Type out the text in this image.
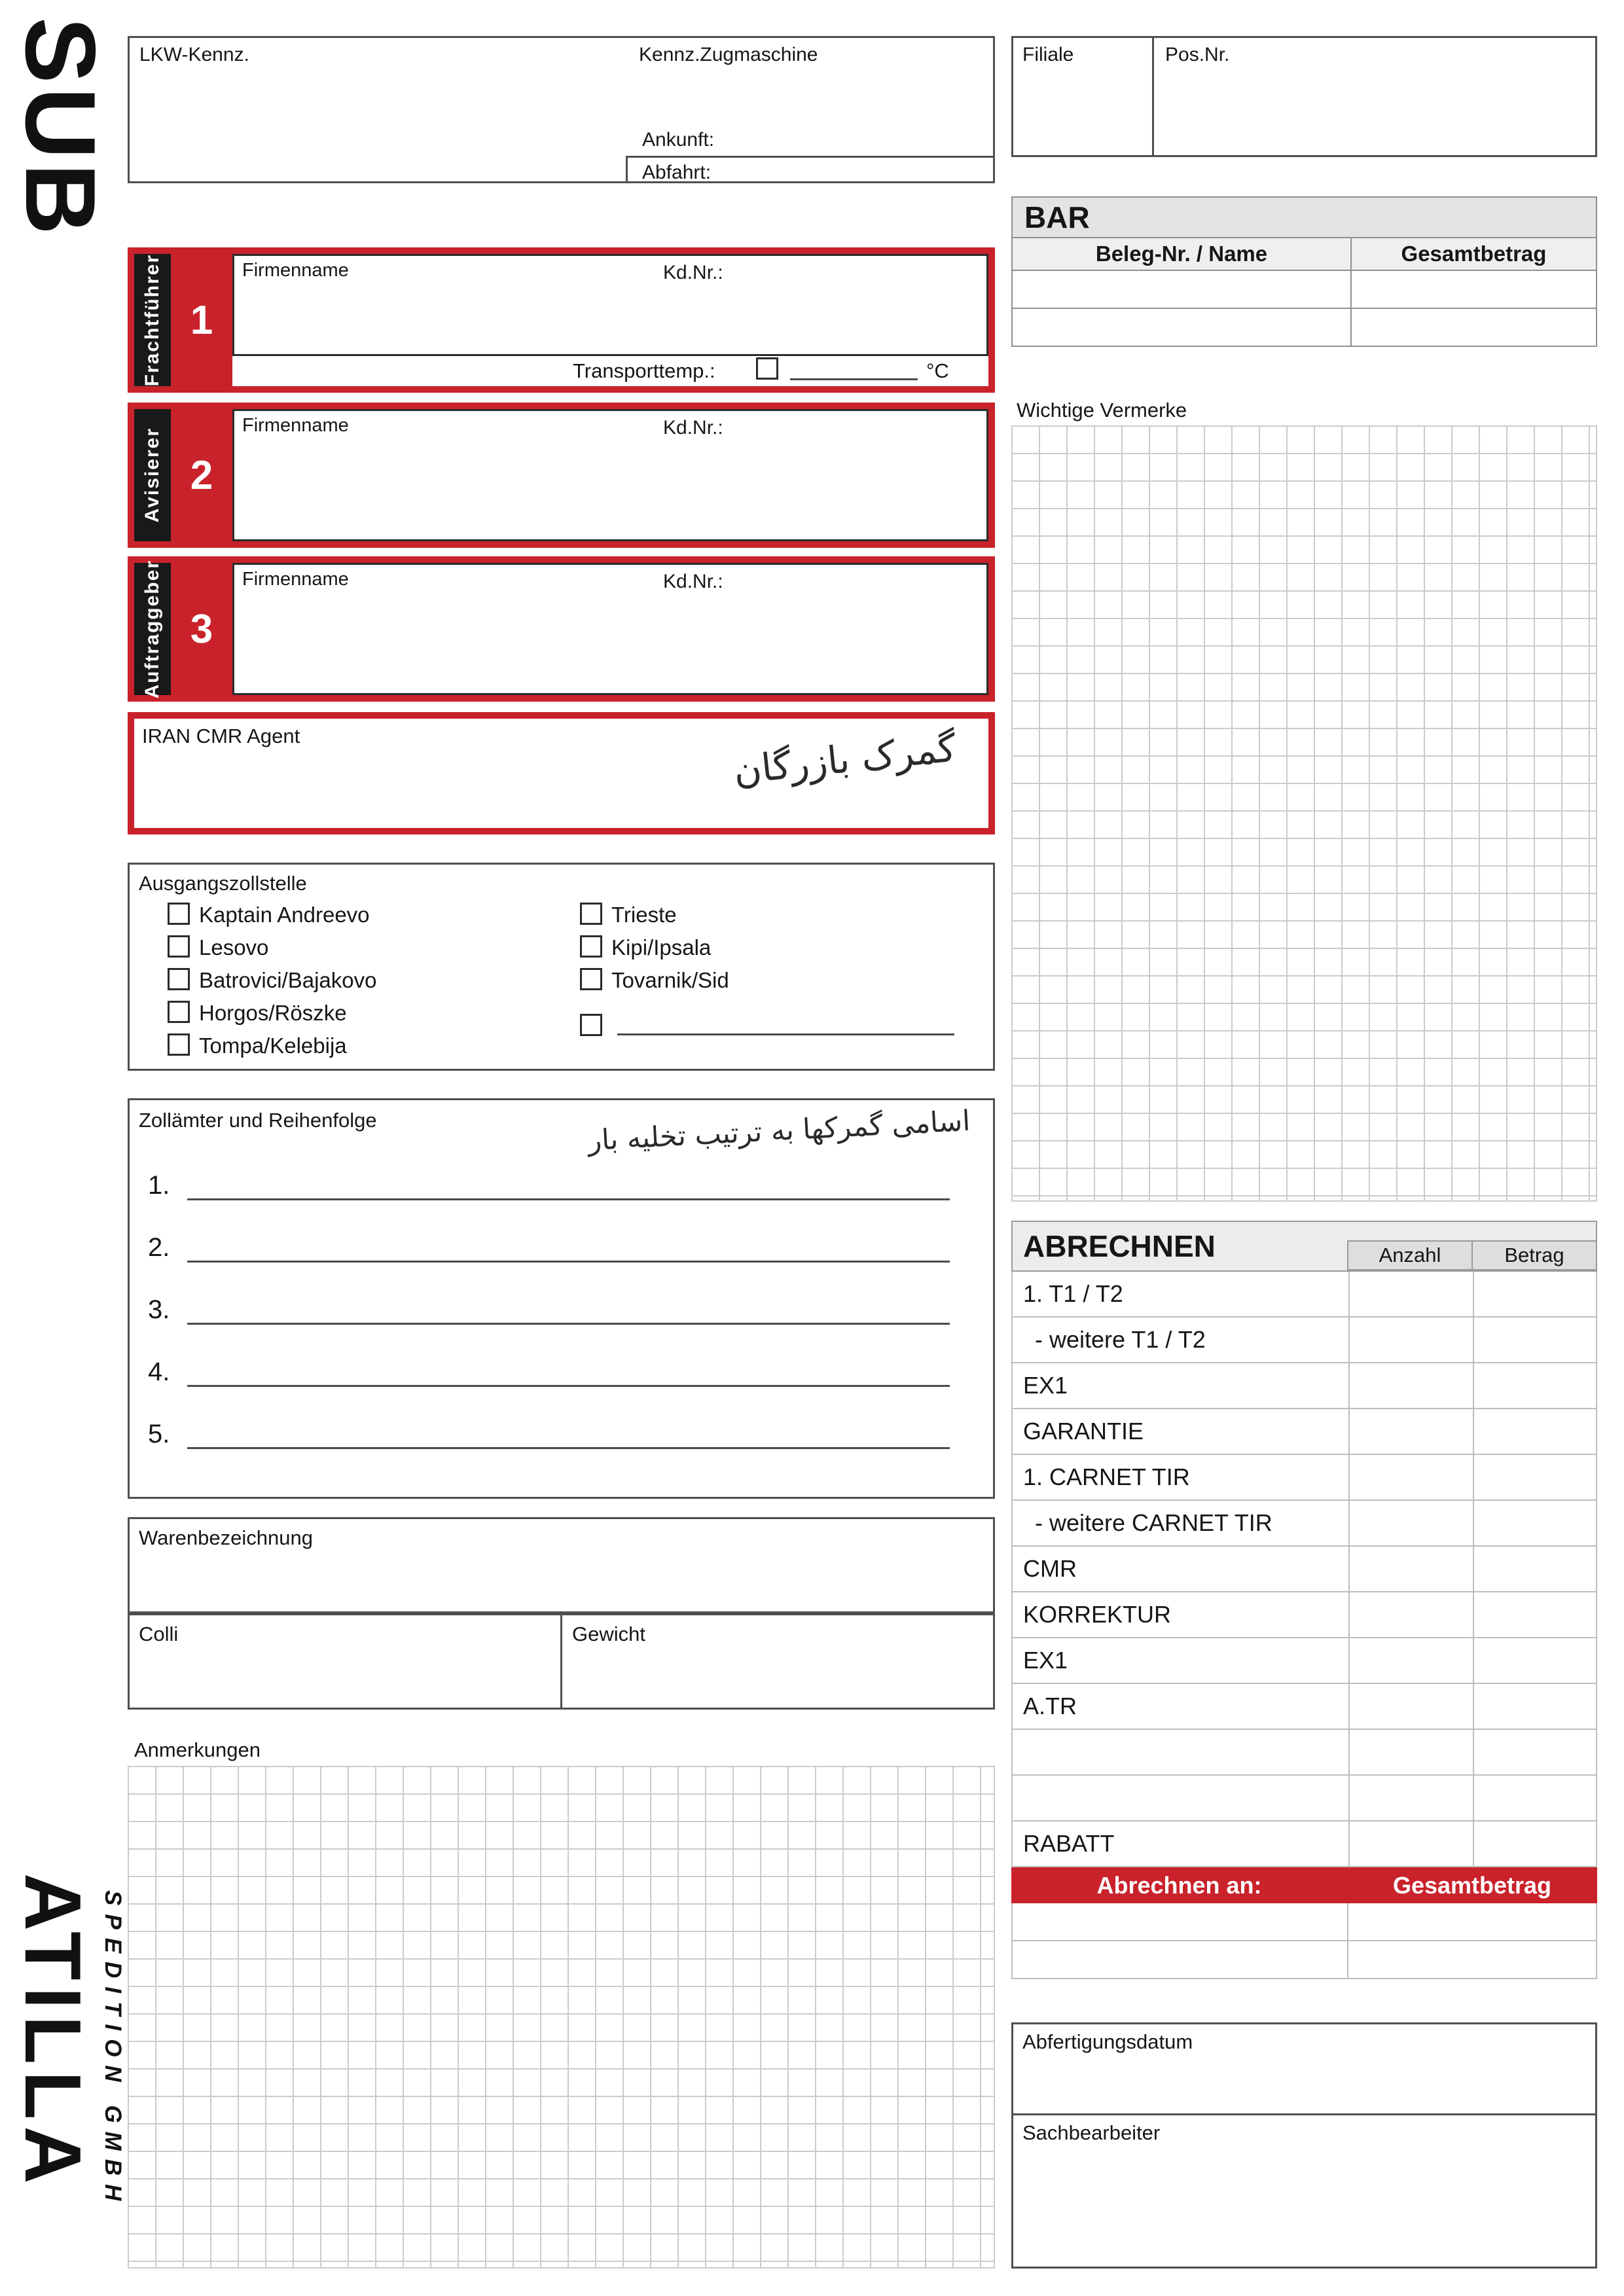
SUB
ATILLA SPEDITION GMBH
LKW-Kennz.	Kennz.Zugmaschine
Ankunft:
Abfahrt:
Filiale	Pos.Nr.
BAR
Beleg-Nr. / Name	Gesamtbetrag
Wichtige Vermerke
Frachtführer 1
Firmenname	Kd.Nr.:
Transporttemp.:	°C
Avisierer 2
Firmenname	Kd.Nr.:
Auftraggeber 3
Firmenname	Kd.Nr.:
IRAN CMR Agent	گمرک بازرگان
Ausgangszollstelle
Kaptain Andreevo
Lesovo
Batrovici/Bajakovo
Horgos/Röszke
Tompa/Kelebija
Trieste
Kipi/Ipsala
Tovarnik/Sid
Zollämter und Reihenfolge	اسامی گمرکها به ترتیب تخلیه بار
1.
2.
3.
4.
5.
Warenbezeichnung
Colli	Gewicht
Anmerkungen
ABRECHNEN	Anzahl	Betrag
1. T1 / T2
- weitere T1 / T2
EX1
GARANTIE
1. CARNET TIR
- weitere CARNET TIR
CMR
KORREKTUR
EX1
A.TR
RABATT
Abrechnen an:	Gesamtbetrag
Abfertigungsdatum
Sachbearbeiter
